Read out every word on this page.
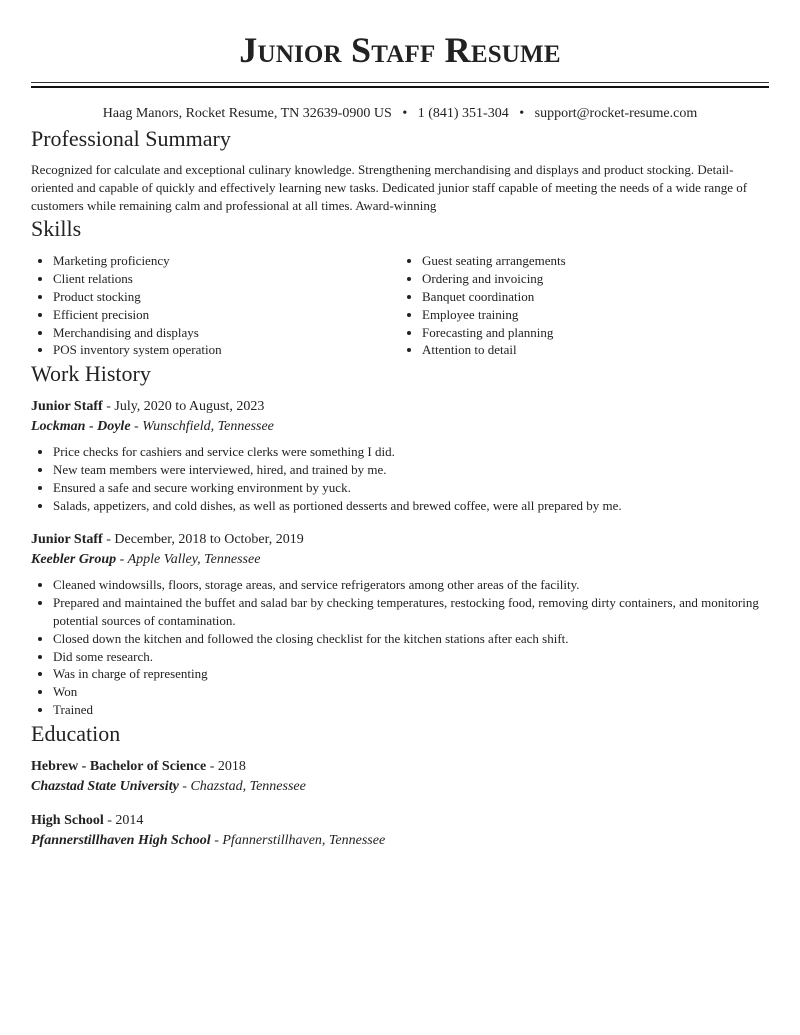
Junior Staff Resume
Haag Manors, Rocket Resume, TN 32639-0900 US • 1 (841) 351-304 • support@rocket-resume.com
Professional Summary

Recognized for calculate and exceptional culinary knowledge. Strengthening merchandising and displays and product stocking. Detail-oriented and capable of quickly and effectively learning new tasks. Dedicated junior staff capable of meeting the needs of a wide range of customers while remaining calm and professional at all times. Award-winning

Skills
• Marketing proficiency
• Client relations
• Product stocking
• Efficient precision
• Merchandising and displays
• POS inventory system operation
• Guest seating arrangements
• Ordering and invoicing
• Banquet coordination
• Employee training
• Forecasting and planning
• Attention to detail
Work History
Junior Staff - July, 2020 to August, 2023
Lockman - Doyle - Wunschfield, Tennessee
• Price checks for cashiers and service clerks were something I did.
• New team members were interviewed, hired, and trained by me.
• Ensured a safe and secure working environment by yuck.
• Salads, appetizers, and cold dishes, as well as portioned desserts and brewed coffee, were all prepared by me.
Junior Staff - December, 2018 to October, 2019
Keebler Group - Apple Valley, Tennessee
• Cleaned windowsills, floors, storage areas, and service refrigerators among other areas of the facility.
• Prepared and maintained the buffet and salad bar by checking temperatures, restocking food, removing dirty containers, and monitoring potential sources of contamination.
• Closed down the kitchen and followed the closing checklist for the kitchen stations after each shift.
• Did some research.
• Was in charge of representing
• Won
• Trained
Education
Hebrew - Bachelor of Science - 2018
Chazstad State University - Chazstad, Tennessee
High School - 2014
Pfannerstillhaven High School - Pfannerstillhaven, Tennessee
